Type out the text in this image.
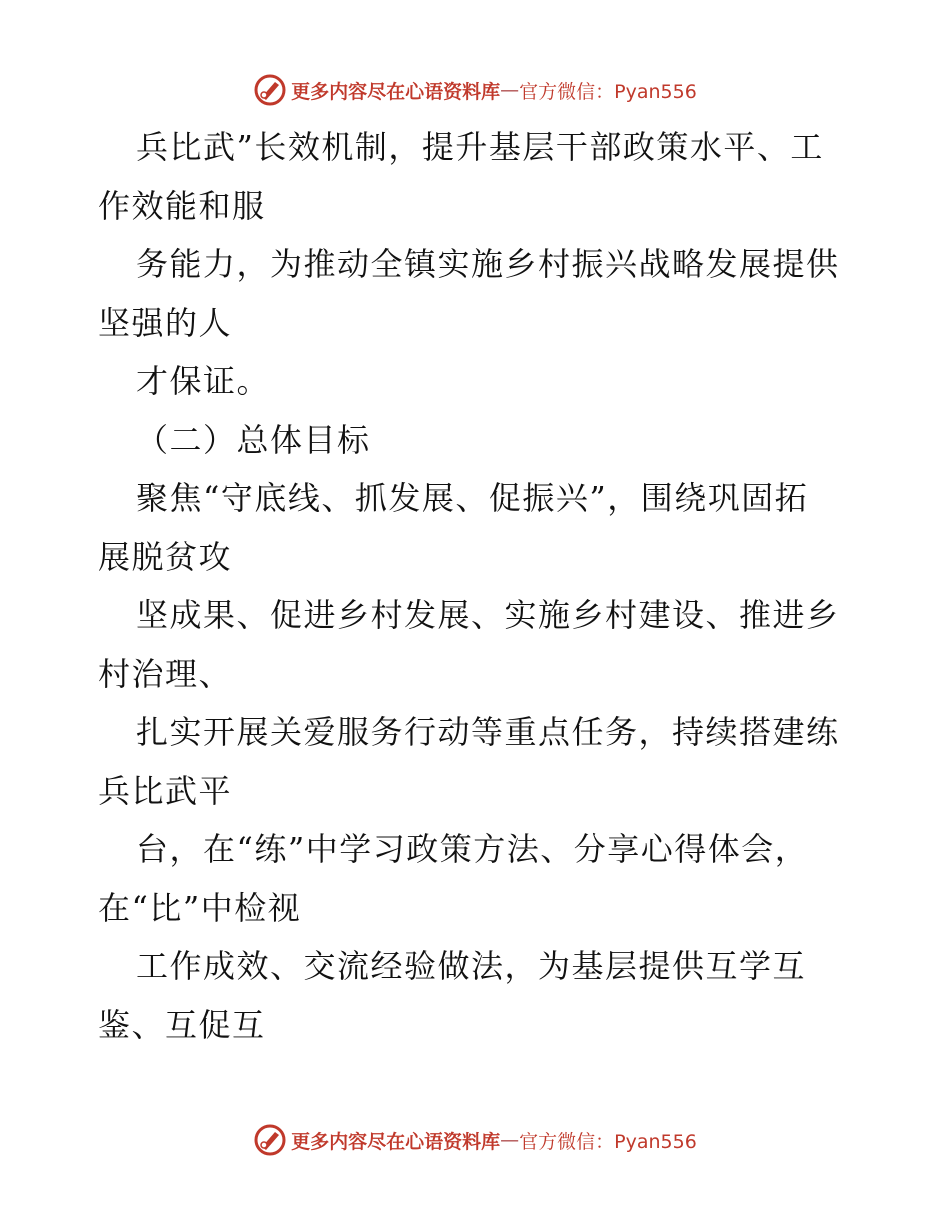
更多内容尽在心语资料库 — 官方微信：Pyan556
兵比武”长效机制，提升基层干部政策水平、工
作效能和服
务能力，为推动全镇实施乡村振兴战略发展提供
坚强的人
才保证。
（二）总体目标
聚焦“守底线、抓发展、促振兴”，围绕巩固拓
展脱贫攻
坚成果、促进乡村发展、实施乡村建设、推进乡
村治理、
扎实开展关爱服务行动等重点任务，持续搭建练
兵比武平
台，在“练”中学习政策方法、分享心得体会，
在“比”中检视
工作成效、交流经验做法，为基层提供互学互
鉴、互促互
更多内容尽在心语资料库 — 官方微信：Pyan556
